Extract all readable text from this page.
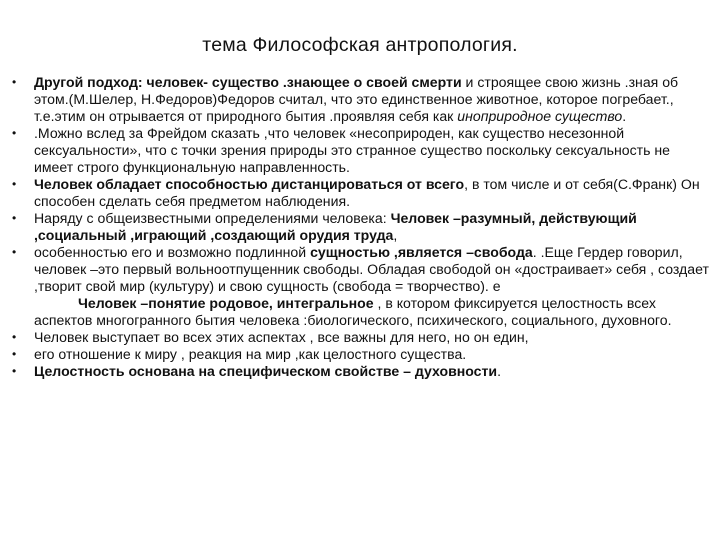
тема Философская антропология.
• Другой подход: человек- существо .знающее о своей смерти и строящее свою жизнь .зная об этом.(М.Шелер, Н.Федоров)Федоров считал, что это единственное животное, которое погребает., т.е.этим он отрывается от природного бытия .проявляя себя как иноприродное существо.
• .Можно вслед за Фрейдом сказать ,что человек «несоприроден, как существо несезонной сексуальности», что с точки зрения природы это странное существо поскольку сексуальность не имеет строго функциональную направленность.
• Человек обладает способностью дистанцироваться от всего, в том числе и от себя(С.Франк) Он способен сделать себя предметом наблюдения.
• Наряду с общеизвестными определениями человека: Человек –разумный, действующий ,социальный ,играющий ,создающий орудия труда,
• особенностью его и возможно подлинной сущностью ,является –свобода. .Еще Гердер говорил, человек –это первый вольноотпущенник свободы. Обладая свободой он «достраивает» себя , создает ,творит свой мир (культуру) и свою сущность (свобода = творчество). е
Человек –понятие родовое, интегральное , в котором фиксируется целостность всех аспектов многогранного бытия человека :биологического, психического, социального, духовного.
• Человек выступает во всех этих аспектах , все важны для него, но он един,
• его отношение к миру , реакция на мир ,как целостного существа.
• Целостность основана на специфическом свойстве – духовности.
